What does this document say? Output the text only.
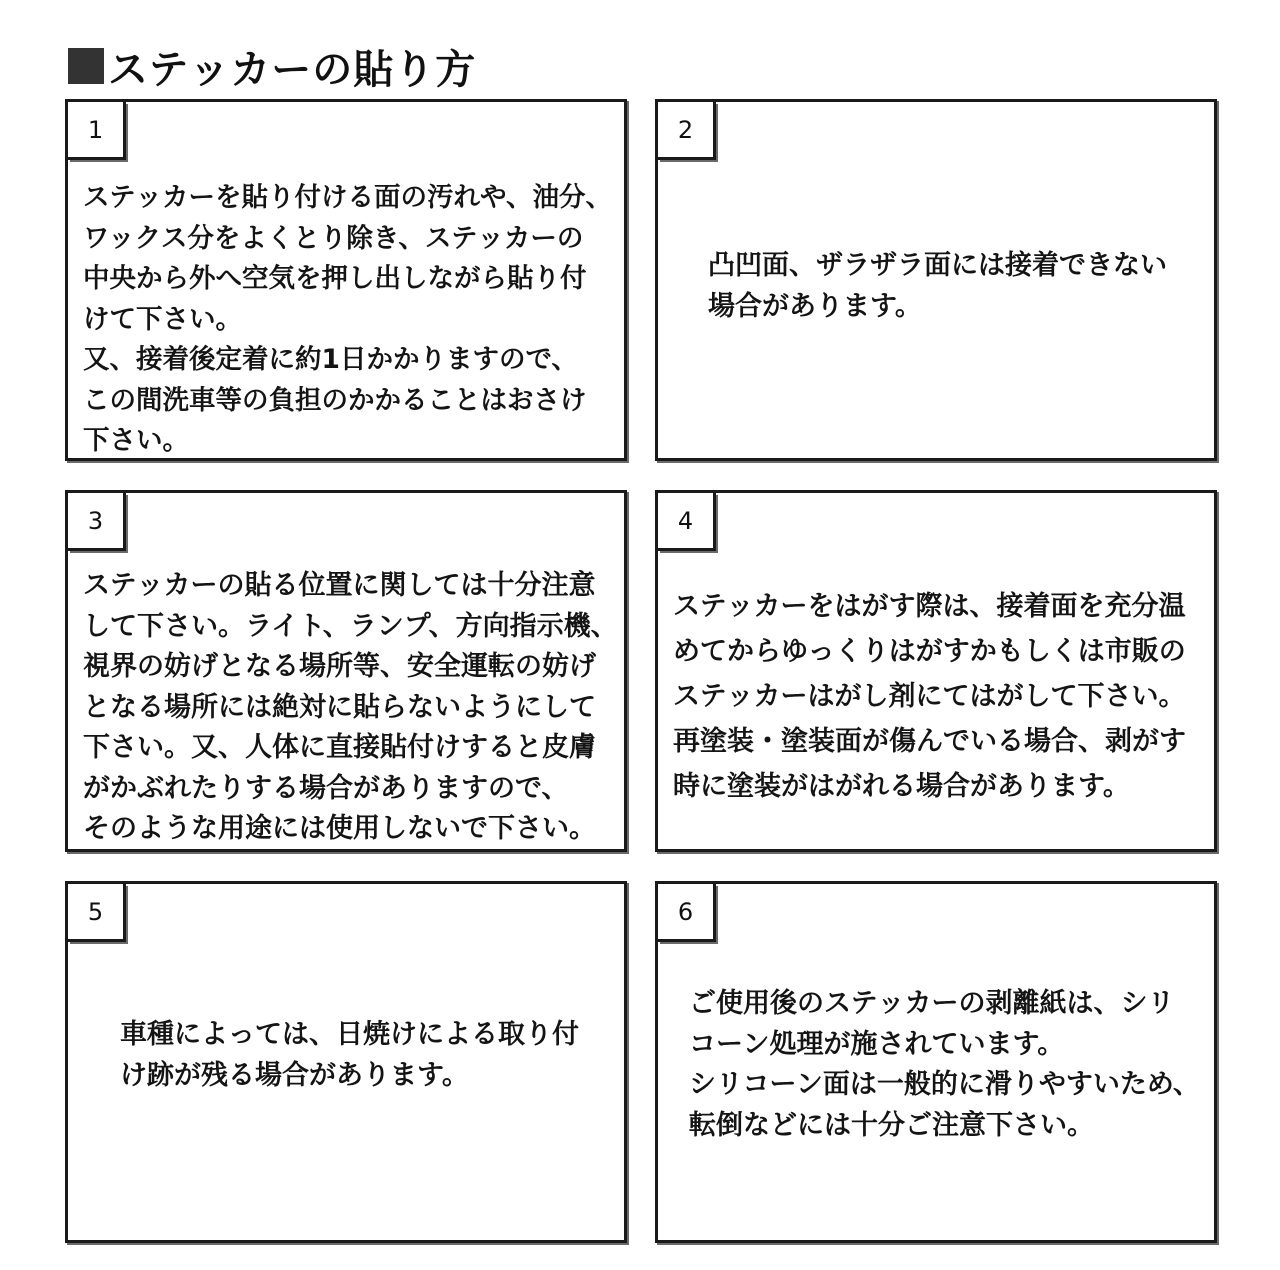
ステッカーの貼り方
1
ステッカーを貼り付ける面の汚れや、油分、
ワックス分をよくとり除き、ステッカーの
中央から外へ空気を押し出しながら貼り付
けて下さい。
又、接着後定着に約1日かかりますので、
この間洗車等の負担のかかることはおさけ
下さい。
2
凸凹面、ザラザラ面には接着できない
場合があります。
3
ステッカーの貼る位置に関しては十分注意
して下さい。ライト、ランプ、方向指示機、
視界の妨げとなる場所等、安全運転の妨げ
となる場所には絶対に貼らないようにして
下さい。又、人体に直接貼付けすると皮膚
がかぶれたりする場合がありますので、
そのような用途には使用しないで下さい。
4
ステッカーをはがす際は、接着面を充分温
めてからゆっくりはがすかもしくは市販の
ステッカーはがし剤にてはがして下さい。
再塗装・塗装面が傷んでいる場合、剥がす
時に塗装がはがれる場合があります。
5
車種によっては、日焼けによる取り付
け跡が残る場合があります。
6
ご使用後のステッカーの剥離紙は、シリ
コーン処理が施されています。
シリコーン面は一般的に滑りやすいため、
転倒などには十分ご注意下さい。
